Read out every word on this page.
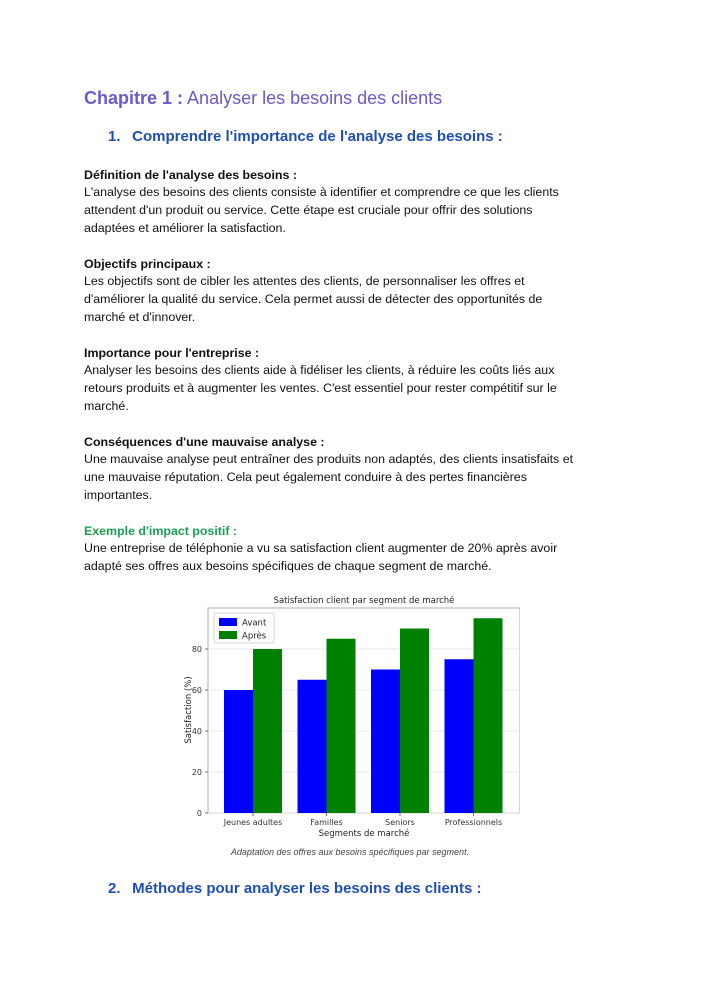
Chapitre 1 : Analyser les besoins des clients
1. Comprendre l'importance de l'analyse des besoins :
Définition de l'analyse des besoins :
L'analyse des besoins des clients consiste à identifier et comprendre ce que les clients
attendent d'un produit ou service. Cette étape est cruciale pour offrir des solutions
adaptées et améliorer la satisfaction.
Objectifs principaux :
Les objectifs sont de cibler les attentes des clients, de personnaliser les offres et
d'améliorer la qualité du service. Cela permet aussi de détecter des opportunités de
marché et d'innover.
Importance pour l'entreprise :
Analyser les besoins des clients aide à fidéliser les clients, à réduire les coûts liés aux
retours produits et à augmenter les ventes. C'est essentiel pour rester compétitif sur le
marché.
Conséquences d'une mauvaise analyse :
Une mauvaise analyse peut entraîner des produits non adaptés, des clients insatisfaits et
une mauvaise réputation. Cela peut également conduire à des pertes financières
importantes.
Exemple d'impact positif :
Une entreprise de téléphonie a vu sa satisfaction client augmenter de 20% après avoir
adapté ses offres aux besoins spécifiques de chaque segment de marché.
Satisfaction client par segment de marché
0
20
40
60
80
Jeunes adultes	Familles	Seniors	Professionnels
Avant
Après
Segments de marché
Satisfaction (%)
Adaptation des offres aux besoins spécifiques par segment.
2. Méthodes pour analyser les besoins des clients :
